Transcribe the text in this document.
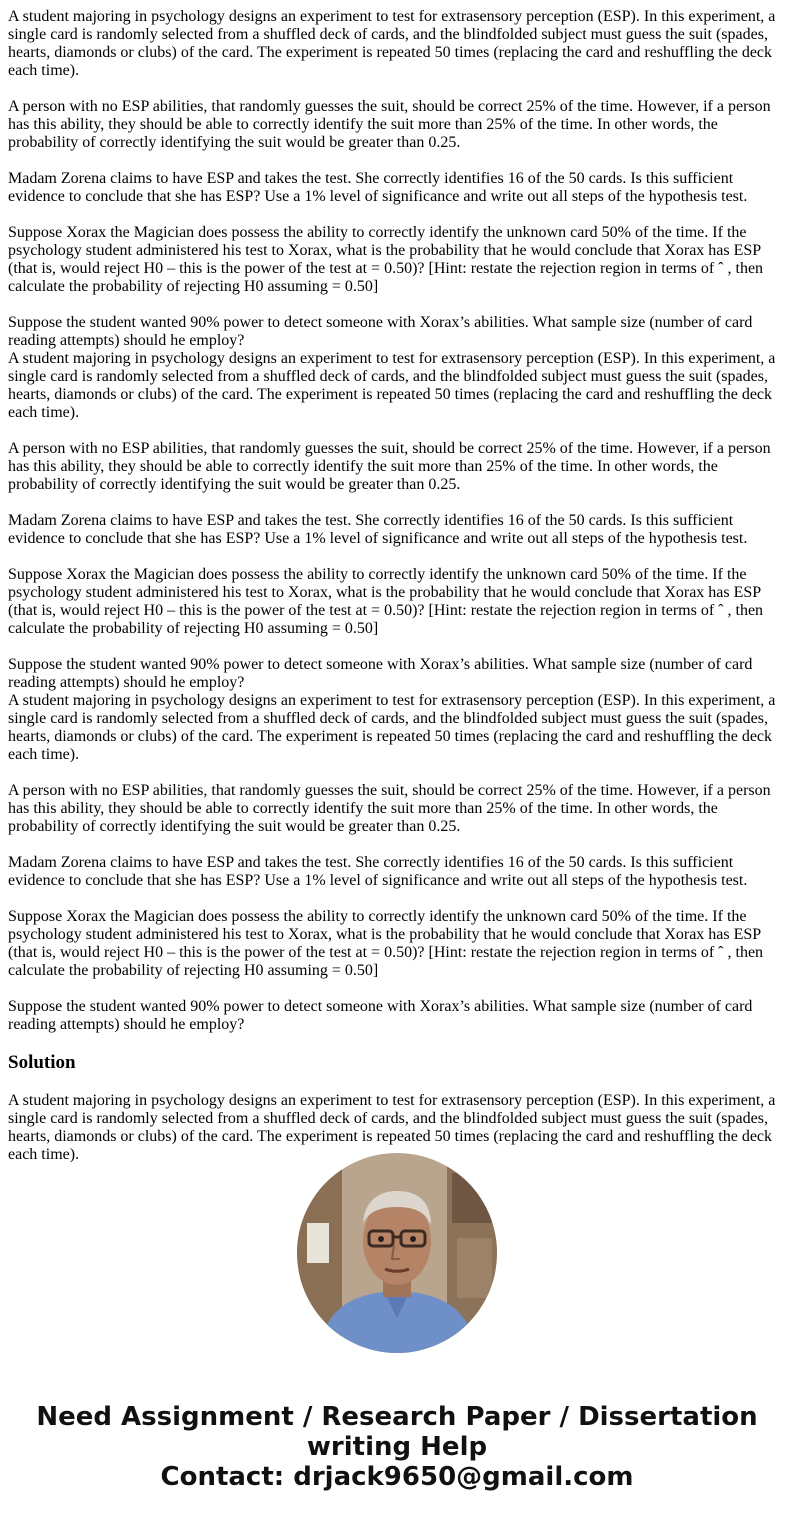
A student majoring in psychology designs an experiment to test for extrasensory perception (ESP). In this experiment, a single card is randomly selected from a shuffled deck of cards, and the blindfolded subject must guess the suit (spades, hearts, diamonds or clubs) of the card. The experiment is repeated 50 times (replacing the card and reshuffling the deck each time).

A person with no ESP abilities, that randomly guesses the suit, should be correct 25% of the time. However, if a person has this ability, they should be able to correctly identify the suit more than 25% of the time. In other words, the probability of correctly identifying the suit would be greater than 0.25.

Madam Zorena claims to have ESP and takes the test. She correctly identifies 16 of the 50 cards. Is this sufficient evidence to conclude that she has ESP? Use a 1% level of significance and write out all steps of the hypothesis test.

Suppose Xorax the Magician does possess the ability to correctly identify the unknown card 50% of the time. If the psychology student administered his test to Xorax, what is the probability that he would conclude that Xorax has ESP (that is, would reject H0 – this is the power of the test at = 0.50)? [Hint: restate the rejection region in terms of ˆ , then calculate the probability of rejecting H0 assuming = 0.50]

Suppose the student wanted 90% power to detect someone with Xorax’s abilities. What sample size (number of card reading attempts) should he employ?

A student majoring in psychology designs an experiment to test for extrasensory perception (ESP). In this experiment, a single card is randomly selected from a shuffled deck of cards, and the blindfolded subject must guess the suit (spades, hearts, diamonds or clubs) of the card. The experiment is repeated 50 times (replacing the card and reshuffling the deck each time).

A person with no ESP abilities, that randomly guesses the suit, should be correct 25% of the time. However, if a person has this ability, they should be able to correctly identify the suit more than 25% of the time. In other words, the probability of correctly identifying the suit would be greater than 0.25.

Madam Zorena claims to have ESP and takes the test. She correctly identifies 16 of the 50 cards. Is this sufficient evidence to conclude that she has ESP? Use a 1% level of significance and write out all steps of the hypothesis test.

Suppose Xorax the Magician does possess the ability to correctly identify the unknown card 50% of the time. If the psychology student administered his test to Xorax, what is the probability that he would conclude that Xorax has ESP (that is, would reject H0 – this is the power of the test at = 0.50)? [Hint: restate the rejection region in terms of ˆ , then calculate the probability of rejecting H0 assuming = 0.50]

Suppose the student wanted 90% power to detect someone with Xorax’s abilities. What sample size (number of card reading attempts) should he employ?

A student majoring in psychology designs an experiment to test for extrasensory perception (ESP). In this experiment, a single card is randomly selected from a shuffled deck of cards, and the blindfolded subject must guess the suit (spades, hearts, diamonds or clubs) of the card. The experiment is repeated 50 times (replacing the card and reshuffling the deck each time).

A person with no ESP abilities, that randomly guesses the suit, should be correct 25% of the time. However, if a person has this ability, they should be able to correctly identify the suit more than 25% of the time. In other words, the probability of correctly identifying the suit would be greater than 0.25.

Madam Zorena claims to have ESP and takes the test. She correctly identifies 16 of the 50 cards. Is this sufficient evidence to conclude that she has ESP? Use a 1% level of significance and write out all steps of the hypothesis test.

Suppose Xorax the Magician does possess the ability to correctly identify the unknown card 50% of the time. If the psychology student administered his test to Xorax, what is the probability that he would conclude that Xorax has ESP (that is, would reject H0 – this is the power of the test at = 0.50)? [Hint: restate the rejection region in terms of ˆ , then calculate the probability of rejecting H0 assuming = 0.50]

Suppose the student wanted 90% power to detect someone with Xorax’s abilities. What sample size (number of card reading attempts) should he employ?

Solution

A student majoring in psychology designs an experiment to test for extrasensory perception (ESP). In this experiment, a single card is randomly selected from a shuffled deck of cards, and the blindfolded subject must guess the suit (spades, hearts, diamonds or clubs) of the card. The experiment is repeated 50 times (replacing the card and reshuffling the deck each time).

Need Assignment / Research Paper / Dissertation writing Help
Contact: drjack9650@gmail.com
